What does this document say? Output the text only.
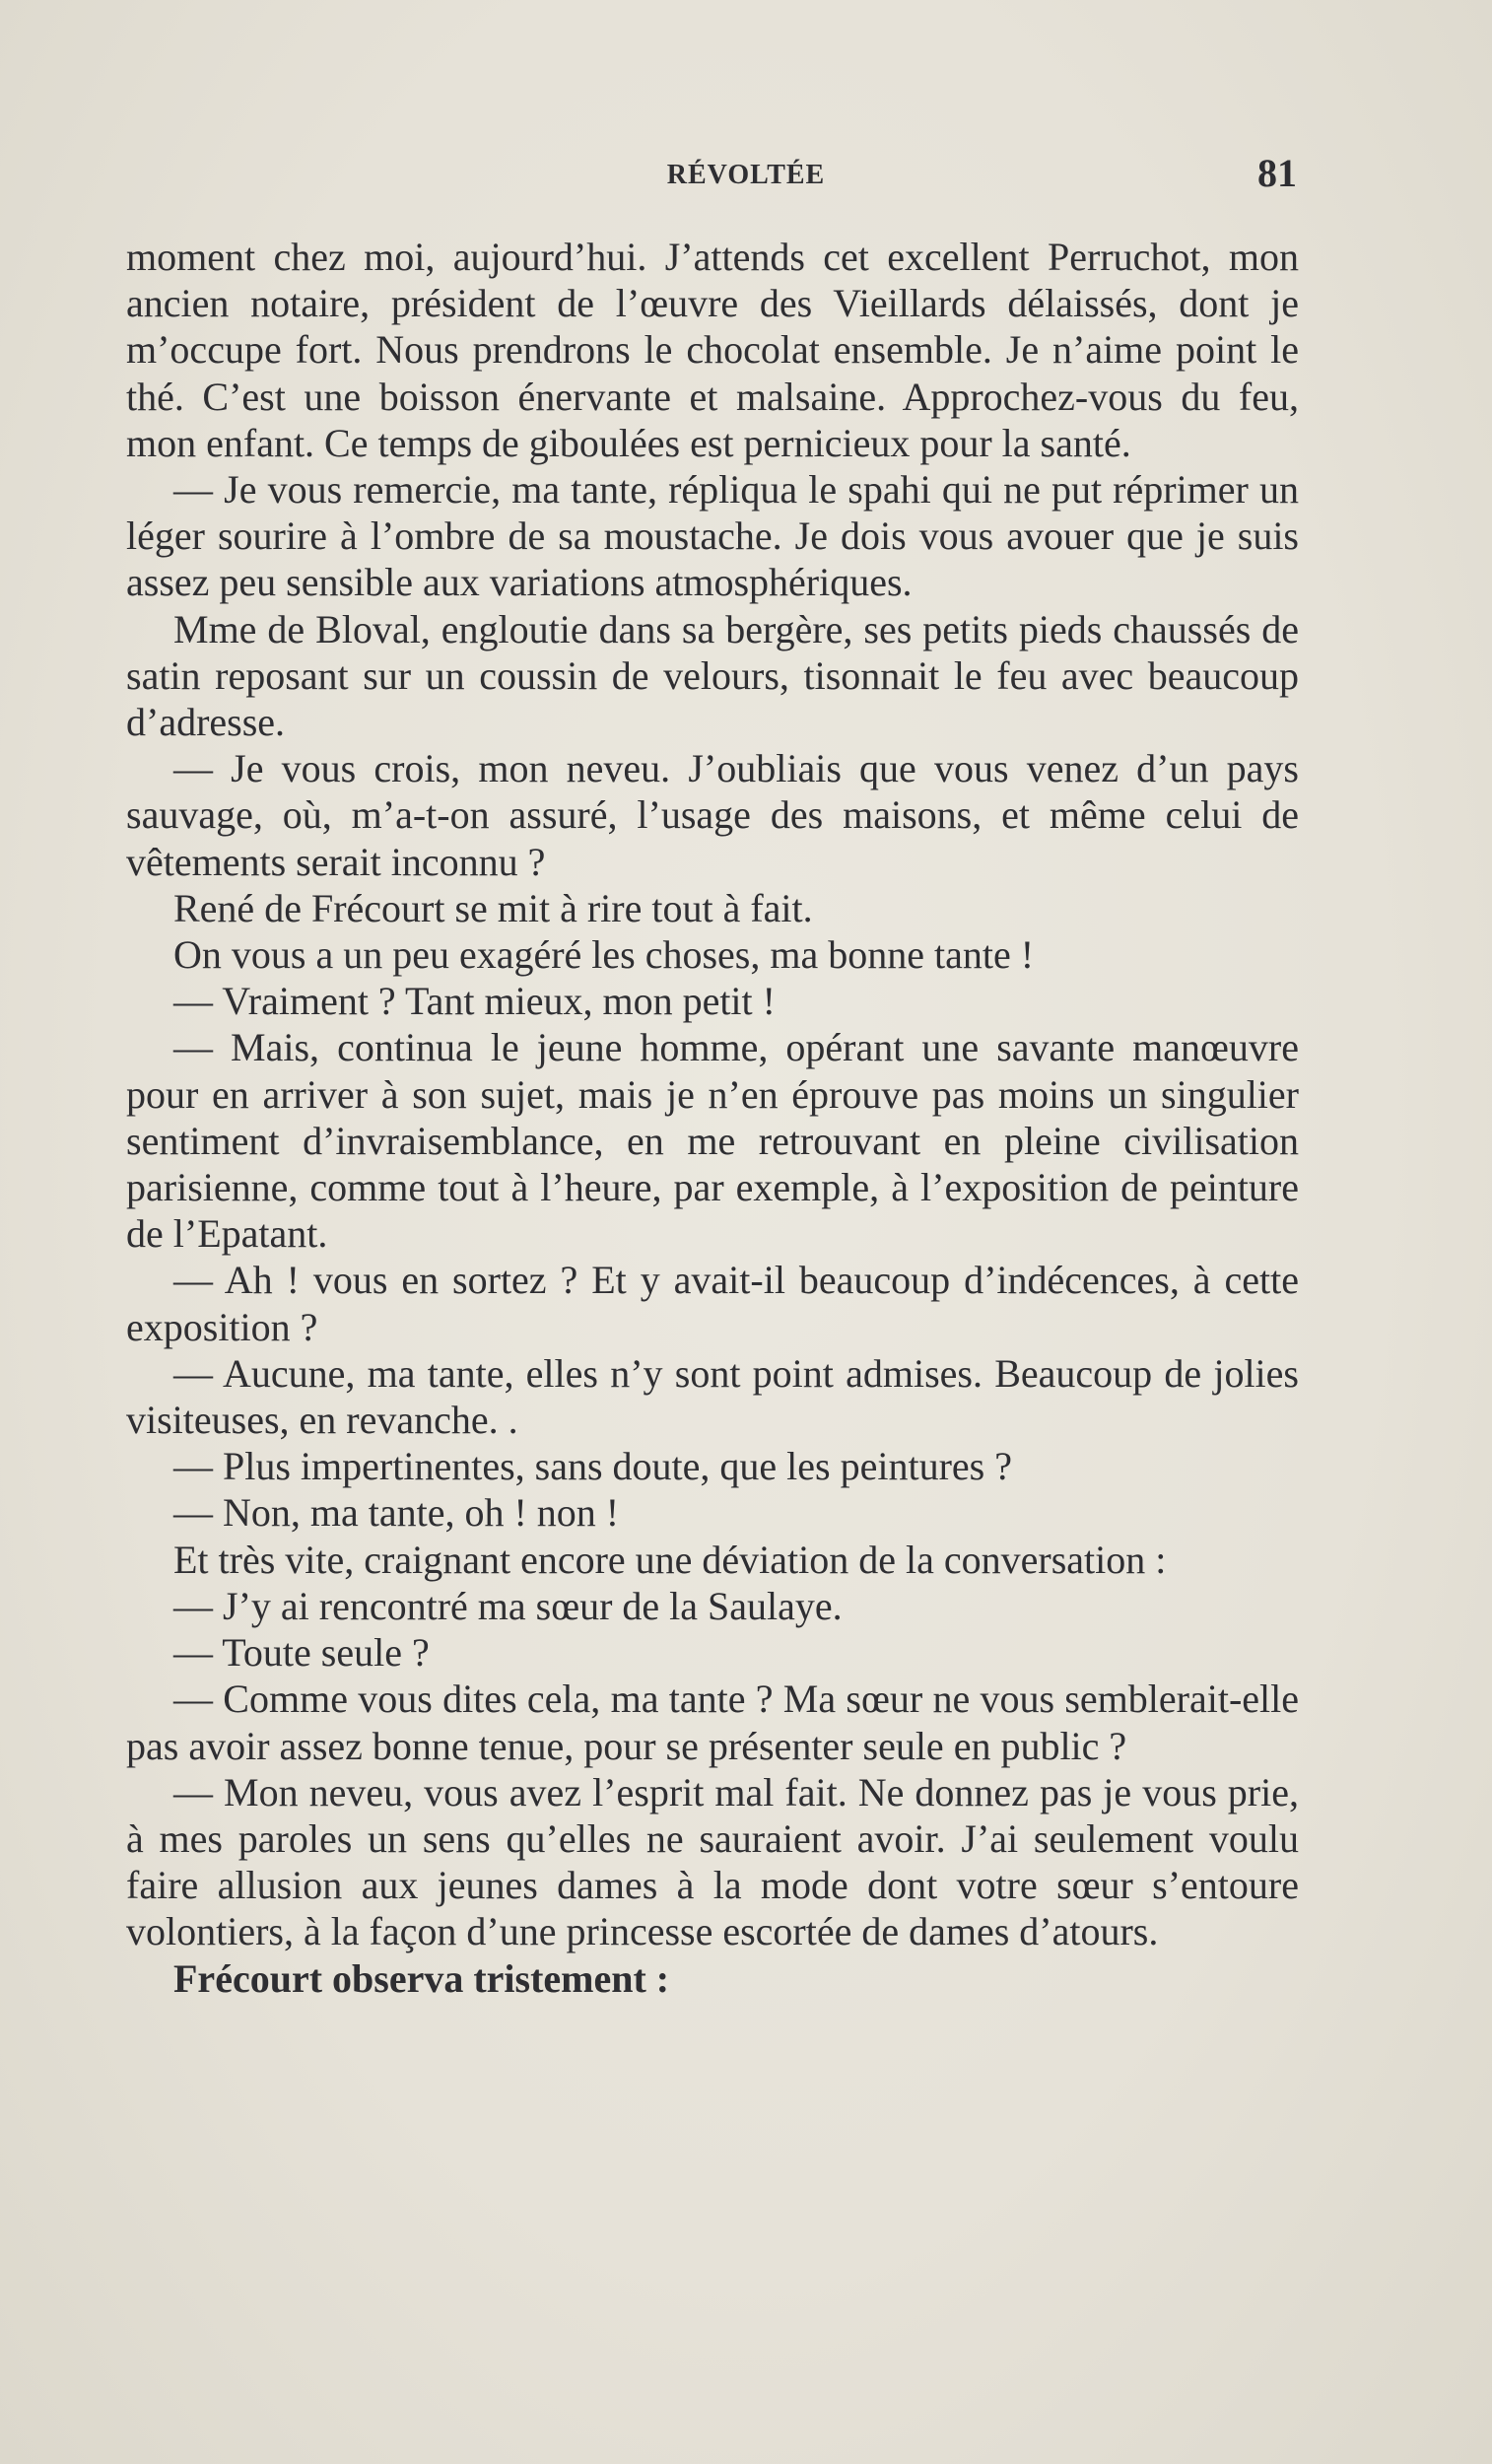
RÉVOLTÉE	81

moment chez moi, aujourd’hui. J’attends cet excellent Perruchot, mon ancien notaire, président de l’œuvre des Vieillards délaissés, dont je m’occupe fort. Nous prendrons le chocolat ensemble. Je n’aime point le thé. C’est une boisson énervante et malsaine. Approchez-vous du feu, mon enfant. Ce temps de giboulées est pernicieux pour la santé.

— Je vous remercie, ma tante, répliqua le spahi qui ne put réprimer un léger sourire à l’ombre de sa moustache. Je dois vous avouer que je suis assez peu sensible aux variations atmosphériques.

Mme de Bloval, engloutie dans sa bergère, ses petits pieds chaussés de satin reposant sur un coussin de velours, tisonnait le feu avec beaucoup d’adresse.

— Je vous crois, mon neveu. J’oubliais que vous venez d’un pays sauvage, où, m’a-t-on assuré, l’usage des maisons, et même celui de vêtements serait inconnu ?

René de Frécourt se mit à rire tout à fait.

On vous a un peu exagéré les choses, ma bonne tante !

— Vraiment ? Tant mieux, mon petit !

— Mais, continua le jeune homme, opérant une savante manœuvre pour en arriver à son sujet, mais je n’en éprouve pas moins un singulier sentiment d’invraisemblance, en me retrouvant en pleine civilisation parisienne, comme tout à l’heure, par exemple, à l’exposition de peinture de l’Epatant.

— Ah ! vous en sortez ? Et y avait-il beaucoup d’indécences, à cette exposition ?

— Aucune, ma tante, elles n’y sont point admises. Beaucoup de jolies visiteuses, en revanche. .

— Plus impertinentes, sans doute, que les peintures ?

— Non, ma tante, oh ! non !

Et très vite, craignant encore une déviation de la conversation :

— J’y ai rencontré ma sœur de la Saulaye.

— Toute seule ?

— Comme vous dites cela, ma tante ? Ma sœur ne vous semblerait-elle pas avoir assez bonne tenue, pour se présenter seule en public ?

— Mon neveu, vous avez l’esprit mal fait. Ne donnez pas je vous prie, à mes paroles un sens qu’elles ne sauraient avoir. J’ai seulement voulu faire allusion aux jeunes dames à la mode dont votre sœur s’entoure volontiers, à la façon d’une princesse escortée de dames d’atours.

Frécourt observa tristement :
